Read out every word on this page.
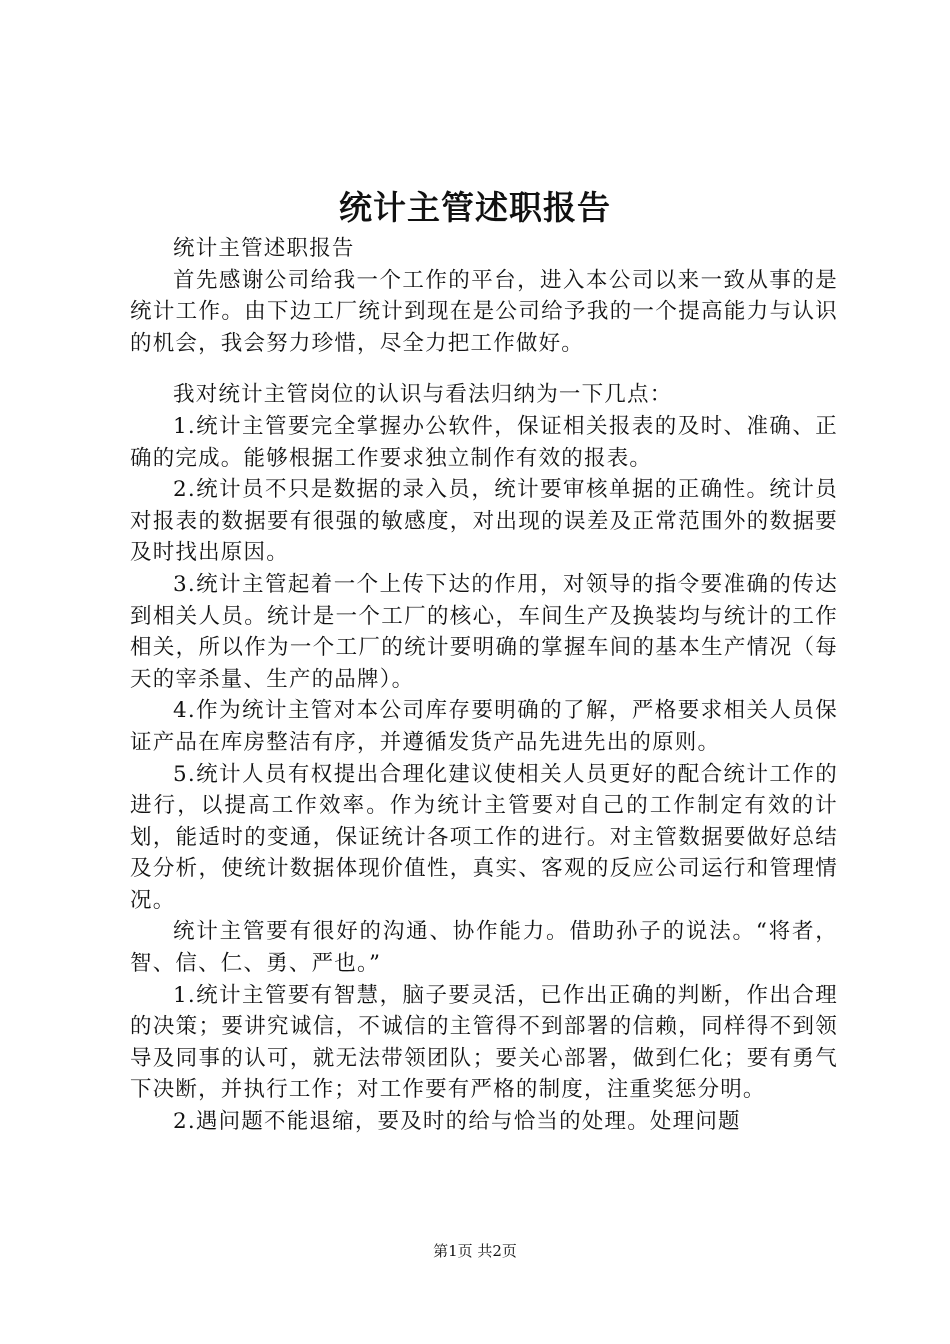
统计主管述职报告

统计主管述职报告

首先感谢公司给我一个工作的平台，进入本公司以来一致从事的是统计工作。由下边工厂统计到现在是公司给予我的一个提高能力与认识的机会，我会努力珍惜，尽全力把工作做好。

我对统计主管岗位的认识与看法归纳为一下几点：

1.统计主管要完全掌握办公软件，保证相关报表的及时、准确、正确的完成。能够根据工作要求独立制作有效的报表。

2.统计员不只是数据的录入员，统计要审核单据的正确性。统计员对报表的数据要有很强的敏感度，对出现的误差及正常范围外的数据要及时找出原因。

3.统计主管起着一个上传下达的作用，对领导的指令要准确的传达到相关人员。统计是一个工厂的核心，车间生产及换装均与统计的工作相关，所以作为一个工厂的统计要明确的掌握车间的基本生产情况（每天的宰杀量、生产的品牌）。

4.作为统计主管对本公司库存要明确的了解，严格要求相关人员保证产品在库房整洁有序，并遵循发货产品先进先出的原则。

5.统计人员有权提出合理化建议使相关人员更好的配合统计工作的进行，以提高工作效率。作为统计主管要对自己的工作制定有效的计划，能适时的变通，保证统计各项工作的进行。对主管数据要做好总结及分析，使统计数据体现价值性，真实、客观的反应公司运行和管理情况。

统计主管要有很好的沟通、协作能力。借助孙子的说法。“将者，智、信、仁、勇、严也。”

1.统计主管要有智慧，脑子要灵活，已作出正确的判断，作出合理的决策；要讲究诚信，不诚信的主管得不到部署的信赖，同样得不到领导及同事的认可，就无法带领团队；要关心部署，做到仁化；要有勇气下决断，并执行工作；对工作要有严格的制度，注重奖惩分明。

2.遇问题不能退缩，要及时的给与恰当的处理。处理问题

第1页 共2页
